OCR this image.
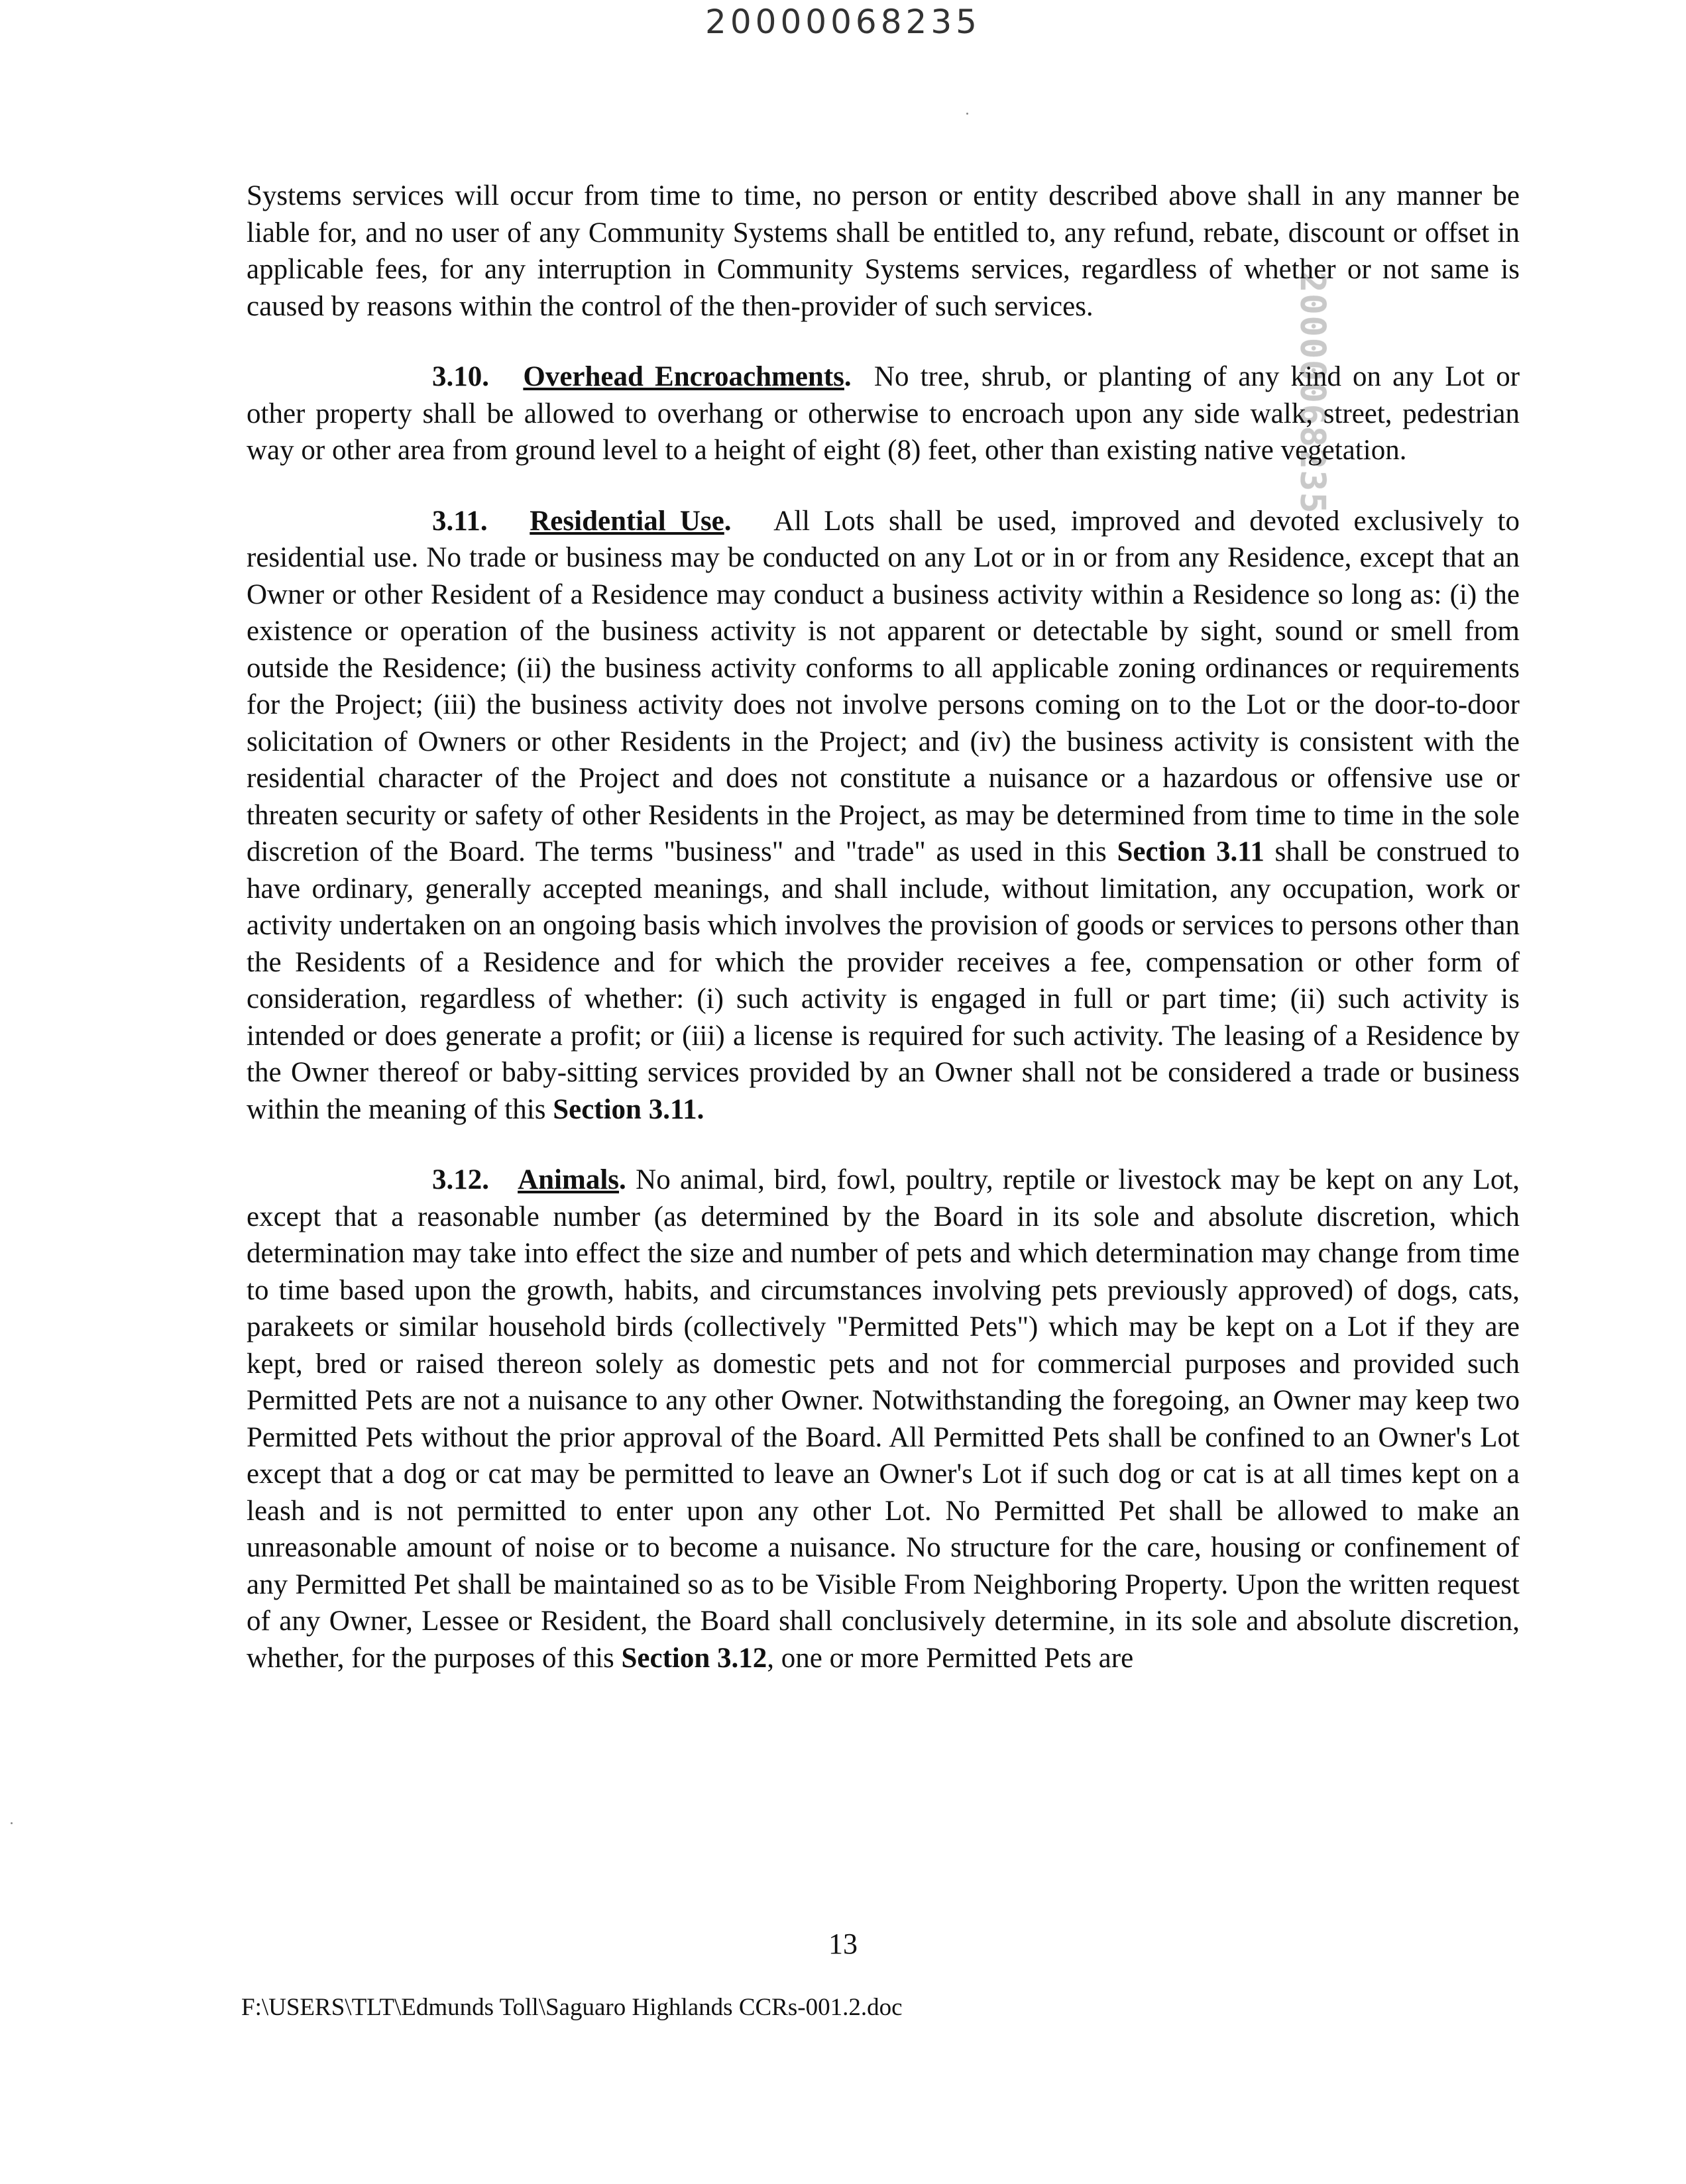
20000068235
20000068235

Systems services will occur from time to time, no person or entity described above shall in any manner be liable for, and no user of any Community Systems shall be entitled to, any refund, rebate, discount or offset in applicable fees, for any interruption in Community Systems services, regardless of whether or not same is caused by reasons within the control of the then-provider of such services.

3.10. Overhead Encroachments. No tree, shrub, or planting of any kind on any Lot or other property shall be allowed to overhang or otherwise to encroach upon any side walk, street, pedestrian way or other area from ground level to a height of eight (8) feet, other than existing native vegetation.

3.11. Residential Use. All Lots shall be used, improved and devoted exclusively to residential use. No trade or business may be conducted on any Lot or in or from any Residence, except that an Owner or other Resident of a Residence may conduct a business activity within a Residence so long as: (i) the existence or operation of the business activity is not apparent or detectable by sight, sound or smell from outside the Residence; (ii) the business activity conforms to all applicable zoning ordinances or requirements for the Project; (iii) the business activity does not involve persons coming on to the Lot or the door-to-door solicitation of Owners or other Residents in the Project; and (iv) the business activity is consistent with the residential character of the Project and does not constitute a nuisance or a hazardous or offensive use or threaten security or safety of other Residents in the Project, as may be determined from time to time in the sole discretion of the Board. The terms "business" and "trade" as used in this Section 3.11 shall be construed to have ordinary, generally accepted meanings, and shall include, without limitation, any occupation, work or activity undertaken on an ongoing basis which involves the provision of goods or services to persons other than the Residents of a Residence and for which the provider receives a fee, compensation or other form of consideration, regardless of whether: (i) such activity is engaged in full or part time; (ii) such activity is intended or does generate a profit; or (iii) a license is required for such activity. The leasing of a Residence by the Owner thereof or baby-sitting services provided by an Owner shall not be considered a trade or business within the meaning of this Section 3.11.

3.12. Animals. No animal, bird, fowl, poultry, reptile or livestock may be kept on any Lot, except that a reasonable number (as determined by the Board in its sole and absolute discretion, which determination may take into effect the size and number of pets and which determination may change from time to time based upon the growth, habits, and circumstances involving pets previously approved) of dogs, cats, parakeets or similar household birds (collectively "Permitted Pets") which may be kept on a Lot if they are kept, bred or raised thereon solely as domestic pets and not for commercial purposes and provided such Permitted Pets are not a nuisance to any other Owner. Notwithstanding the foregoing, an Owner may keep two Permitted Pets without the prior approval of the Board. All Permitted Pets shall be confined to an Owner's Lot except that a dog or cat may be permitted to leave an Owner's Lot if such dog or cat is at all times kept on a leash and is not permitted to enter upon any other Lot. No Permitted Pet shall be allowed to make an unreasonable amount of noise or to become a nuisance. No structure for the care, housing or confinement of any Permitted Pet shall be maintained so as to be Visible From Neighboring Property. Upon the written request of any Owner, Lessee or Resident, the Board shall conclusively determine, in its sole and absolute discretion, whether, for the purposes of this Section 3.12, one or more Permitted Pets are

13
F:\USERS\TLT\Edmunds Toll\Saguaro Highlands CCRs-001.2.doc
